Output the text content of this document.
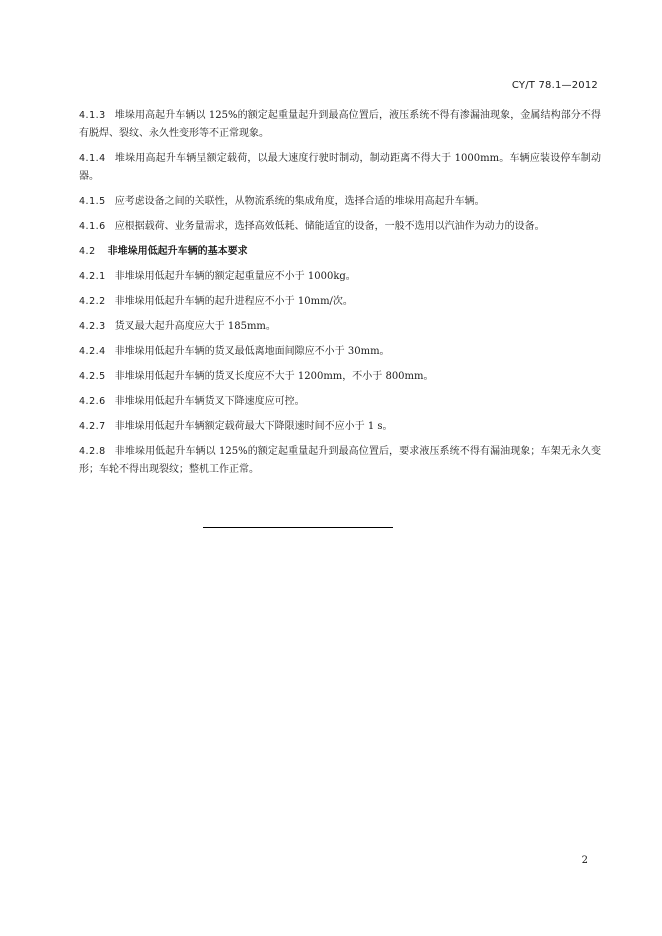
CY/T 78.1—2012

4.1.3 堆垛用高起升车辆以 125%的额定起重量起升到最高位置后，液压系统不得有渗漏油现象，金属结构部分不得有脱焊、裂纹、永久性变形等不正常现象。

4.1.4 堆垛用高起升车辆呈额定载荷，以最大速度行驶时制动，制动距离不得大于 1000mm。车辆应装设停车制动器。

4.1.5 应考虑设备之间的关联性，从物流系统的集成角度，选择合适的堆垛用高起升车辆。

4.1.6 应根据载荷、业务量需求，选择高效低耗、储能适宜的设备，一般不选用以汽油作为动力的设备。

4.2 非堆垛用低起升车辆的基本要求

4.2.1 非堆垛用低起升车辆的额定起重量应不小于 1000kg。

4.2.2 非堆垛用低起升车辆的起升进程应不小于 10mm/次。

4.2.3 货叉最大起升高度应大于 185mm。

4.2.4 非堆垛用低起升车辆的货叉最低离地面间隙应不小于 30mm。

4.2.5 非堆垛用低起升车辆的货叉长度应不大于 1200mm，不小于 800mm。

4.2.6 非堆垛用低起升车辆货叉下降速度应可控。

4.2.7 非堆垛用低起升车辆额定载荷最大下降限速时间不应小于 1 s。

4.2.8 非堆垛用低起升车辆以 125%的额定起重量起升到最高位置后，要求液压系统不得有漏油现象；车架无永久变形；车轮不得出现裂纹；整机工作正常。

2
